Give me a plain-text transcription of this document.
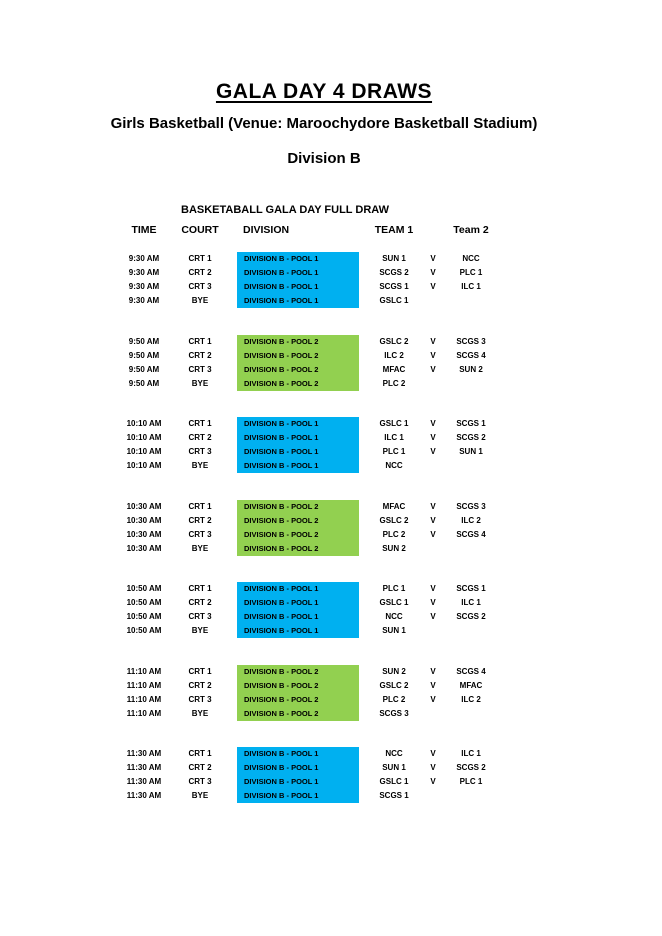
GALA DAY 4 DRAWS
Girls Basketball (Venue: Maroochydore Basketball Stadium)
Division B
BASKETABALL GALA DAY FULL DRAW
TIME	COURT	DIVISION	TEAM 1	Team 2
9:30 AM	CRT 1	DIVISION B - POOL 1	SUN 1	V	NCC
9:30 AM	CRT 2	DIVISION B - POOL 1	SCGS 2	V	PLC 1
9:30 AM	CRT 3	DIVISION B - POOL 1	SCGS 1	V	ILC 1
9:30 AM	BYE	DIVISION B - POOL 1	GSLC 1
9:50 AM	CRT 1	DIVISION B - POOL 2	GSLC 2	V	SCGS 3
9:50 AM	CRT 2	DIVISION B - POOL 2	ILC 2	V	SCGS 4
9:50 AM	CRT 3	DIVISION B - POOL 2	MFAC	V	SUN 2
9:50 AM	BYE	DIVISION B - POOL 2	PLC 2
10:10 AM	CRT 1	DIVISION B - POOL 1	GSLC 1	V	SCGS 1
10:10 AM	CRT 2	DIVISION B - POOL 1	ILC 1	V	SCGS 2
10:10 AM	CRT 3	DIVISION B - POOL 1	PLC 1	V	SUN 1
10:10 AM	BYE	DIVISION B - POOL 1	NCC
10:30 AM	CRT 1	DIVISION B - POOL 2	MFAC	V	SCGS 3
10:30 AM	CRT 2	DIVISION B - POOL 2	GSLC 2	V	ILC 2
10:30 AM	CRT 3	DIVISION B - POOL 2	PLC 2	V	SCGS 4
10:30 AM	BYE	DIVISION B - POOL 2	SUN 2
10:50 AM	CRT 1	DIVISION B - POOL 1	PLC 1	V	SCGS 1
10:50 AM	CRT 2	DIVISION B - POOL 1	GSLC 1	V	ILC 1
10:50 AM	CRT 3	DIVISION B - POOL 1	NCC	V	SCGS 2
10:50 AM	BYE	DIVISION B - POOL 1	SUN 1
11:10 AM	CRT 1	DIVISION B - POOL 2	SUN 2	V	SCGS 4
11:10 AM	CRT 2	DIVISION B - POOL 2	GSLC 2	V	MFAC
11:10 AM	CRT 3	DIVISION B - POOL 2	PLC 2	V	ILC 2
11:10 AM	BYE	DIVISION B - POOL 2	SCGS 3
11:30 AM	CRT 1	DIVISION B - POOL 1	NCC	V	ILC 1
11:30 AM	CRT 2	DIVISION B - POOL 1	SUN 1	V	SCGS 2
11:30 AM	CRT 3	DIVISION B - POOL 1	GSLC 1	V	PLC 1
11:30 AM	BYE	DIVISION B - POOL 1	SCGS 1
